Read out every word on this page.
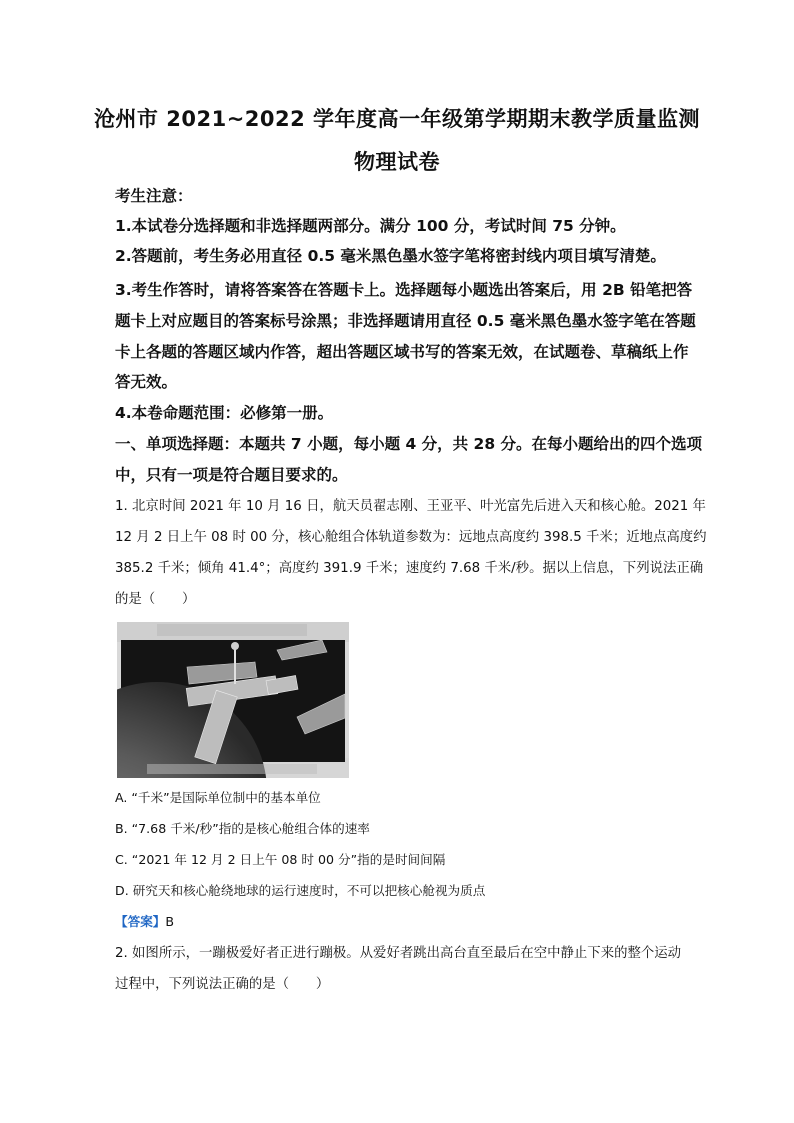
沧州市 2021~2022 学年度高一年级第学期期末教学质量监测
物理试卷
考生注意：
1.本试卷分选择题和非选择题两部分。满分 100 分，考试时间 75 分钟。
2.答题前，考生务必用直径 0.5 毫米黑色墨水签字笔将密封线内项目填写清楚。
3.考生作答时，请将答案答在答题卡上。选择题每小题选出答案后，用 2B 铅笔把答
题卡上对应题目的答案标号涂黑；非选择题请用直径 0.5 毫米黑色墨水签字笔在答题
卡上各题的答题区域内作答，超出答题区域书写的答案无效，在试题卷、草稿纸上作
答无效。
4.本卷命题范围：必修第一册。
一、单项选择题：本题共 7 小题，每小题 4 分，共 28 分。在每小题给出的四个选项
中，只有一项是符合题目要求的。
1. 北京时间 2021 年 10 月 16 日，航天员翟志刚、王亚平、叶光富先后进入天和核心舱。2021 年
12 月 2 日上午 08 时 00 分，核心舱组合体轨道参数为：远地点高度约 398.5 千米；近地点高度约
385.2 千米；倾角 41.4°；高度约 391.9 千米；速度约 7.68 千米/秒。据以上信息，下列说法正确
的是（　　）
A. “千米”是国际单位制中的基本单位
B. “7.68 千米/秒”指的是核心舱组合体的速率
C. “2021 年 12 月 2 日上午 08 时 00 分”指的是时间间隔
D. 研究天和核心舱绕地球的运行速度时，不可以把核心舱视为质点
【答案】B
2. 如图所示，一蹦极爱好者正进行蹦极。从爱好者跳出高台直至最后在空中静止下来的整个运动
过程中，下列说法正确的是（　　）
